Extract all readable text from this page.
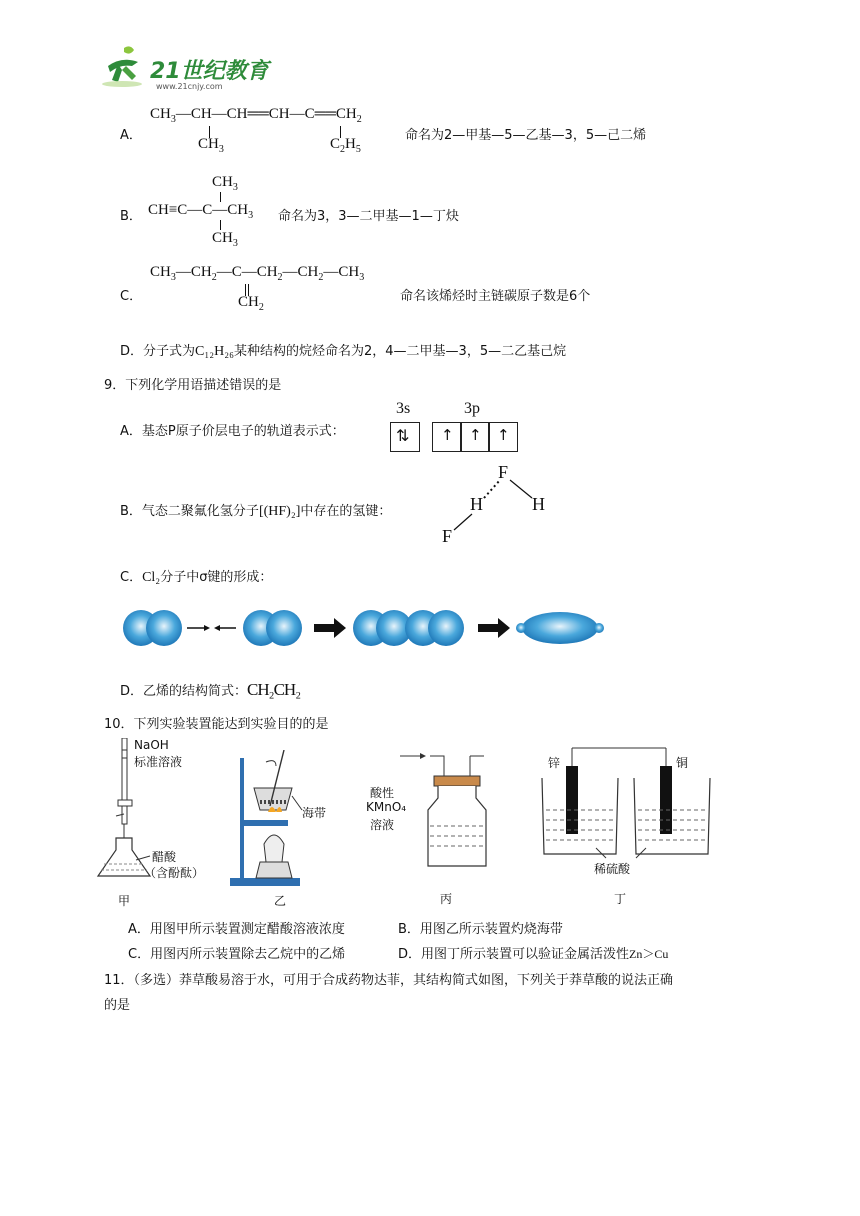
21世纪教育
www.21cnjy.com
A．
$CH_3—CH—CH══CH—C══CH_2$
$CH_3$	$C_2H_5$
命名为2—甲基—5—乙基—3，5—己二烯
B．
$CH_3$
$CH\equiv C—C—CH_3$
$CH_3$
命名为3，3—二甲基—1—丁炔
C．
$CH_3—CH_2—C—CH_2—CH_2—CH_3$
$CH_2$
命名该烯烃时主链碳原子数是6个
D．分子式为C₁₂H₂₆某种结构的烷烃命名为2，4—二甲基—3，5—二乙基己烷
9．下列化学用语描述错误的是
A．基态P原子价层电子的轨道表示式：
3s	3p
⇅ ↑ ↑ ↑
B．气态二聚氟化氢分子[(HF)₂]中存在的氢键：
F
H	H
F
C．Cl₂分子中σ键的形成：
D．乙烯的结构简式：CH₂CH₂
10．下列实验装置能达到实验目的的是
NaOH
标准溶液
醋酸
（含酚酞）
甲
海带
乙
酸性
KMnO₄
溶液
丙
锌	铜
稀硫酸
丁
A．用图甲所示装置测定醋酸溶液浓度	B．用图乙所示装置灼烧海带
C．用图丙所示装置除去乙烷中的乙烯	D．用图丁所示装置可以验证金属活泼性Zn＞Cu
11．（多选）莽草酸易溶于水，可用于合成药物达菲，其结构简式如图，下列关于莽草酸的说法正确
的是
